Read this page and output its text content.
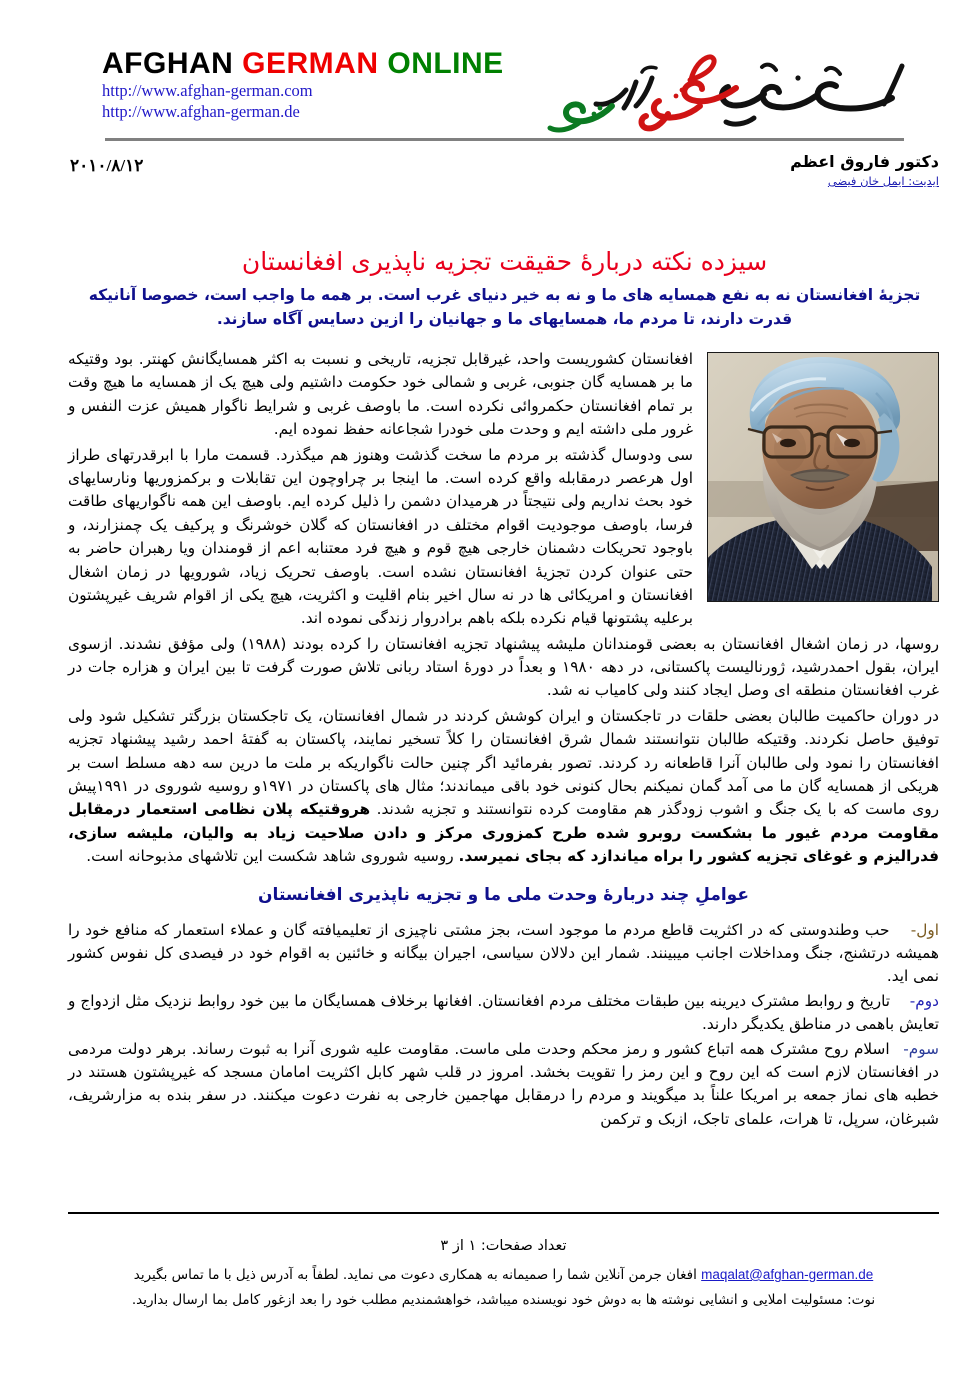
AFGHAN GERMAN ONLINE
http://www.afghan-german.com
http://www.afghan-german.de
۲۰۱۰/۸/۱۲	دکتور فاروق اعظم
ایدیت: ایمل خان فیضی
سیزده نکته دربارهٔ حقیقت تجزیه ناپذیری افغانستان

تجزیۀ افغانستان نه به نفع همسایه های ما و نه به خیر دنیای غرب است. بر همه ما واجب است، خصوصا آنانیکه

قدرت دارند، تا مردم ما، همسایهای ما و جهانیان را ازین دسایس آگاه سازند.

افغانستان کشوریست واحد، غیرقابل تجزیه، تاریخی و نسبت به اکثر همسایگانش کهنتر. بود وقتیکه ما بر همسایه گان جنوبی، غربی و شمالی خود حکومت داشتیم ولی هیچ یک از همسایه ما هیچ وقت بر تمام افغانستان حکمروائی نکرده است. ما باوصف غربی و شرایط ناگوار همیش عزت النفس و غرور ملی داشته ایم و وحدت ملی خودرا شجاعانه حفظ نموده ایم.

سی ودوسال گذشته بر مردم ما سخت گذشت وهنوز هم میگذرد. قسمت مارا با ابرقدرتهای طراز اول هرعصر درمقابله واقع کرده است. ما اینجا بر چراوچون این تقابلات و برکمزوریها ونارسایهای خود بحث نداریم ولی نتیجتاً در هرمیدان دشمن را ذلیل کرده ایم. باوصف این همه ناگواریهای طاقت فرسا، باوصف موجودیت اقوام مختلف در افغانستان که گلان خوشرنگ و پرکیف یک چمنزارند، و باوجود تحریکات دشمنان خارجی هیچ قوم و هیچ فرد معتنابه اعم از قومندان ویا رهبران حاضر به حتی عنوان کردن تجزیۀ افغانستان نشده است. باوصف تحریک زیاد، شورویها در زمان اشغال افغانستان و امریکائی ها در نه سال اخیر بنام اقلیت و اکثریت، هیچ یکی از اقوام شریف غیرپشتون برعلیه پشتونها قیام نکرده بلکه باهم برادروار زندگی نموده اند.

روسها، در زمان اشغال افغانستان به بعضی قومندانان ملیشه پیشنهاد تجزیه افغانستان را کرده بودند (۱۹۸۸) ولی مؤفق نشدند. ازسوی ایران، بقول احمدرشید، ژورنالیست پاکستانی، در دهه ۱۹۸۰ و بعداً در دورۀ استاد ربانی تلاش صورت گرفت تا بین ایران و هزاره جات در غرب افغانستان منطقه ای وصل ایجاد کنند ولی کامیاب نه شد.

در دوران حاکمیت طالبان بعضی حلقات در تاجکستان و ایران کوشش کردند در شمال افغانستان، یک تاجکستان بزرگتر تشکیل شود ولی توفیق حاصل نکردند. وقتیکه طالبان نتوانستند شمال شرق افغانستان را کلاً تسخیر نمایند، پاکستان به گفتۀ احمد رشید پیشنهاد تجزیه افغانستان را نمود ولی طالبان آنرا قاطعانه رد کردند. تصور بفرمائید اگر چنین حالت ناگواریکه بر ملت ما درین سه دهه مسلط است بر هریکی از همسایه گان ما می آمد گمان نمیکنم بحال کنونی خود باقی میماندند؛ مثال های پاکستان در ۱۹۷۱و روسیه شوروی در ۱۹۹۱پیش روی ماست که با یک جنگ و اشوب زودگذر هم مقاومت کرده نتوانستند و تجزیه شدند. هروقتیکه پلان نظامی استعمار درمقابل مقاومت مردم غیور ما بشکست روبرو شده طرح کمزوری مرکز و دادن صلاحیت زیاد به والیان، ملیشه سازی، فدرالیزم و غوغای تجزیه کشور را براه میاندازد که بجای نمیرسد. روسیه شوروی شاهد شکست این تلاشهای مذبوحانه است.

عواملِ چند دربارۀ وحدت ملی ما و تجزیه ناپذیری افغانستان
اول- حب وطندوستی که در اکثریت قاطع مردم ما موجود است، بجز مشتی ناچیزی از تعلیمیافته گان و عملاء استعمار که منافع خود را همیشه درتشنج، جنگ ومداخلات اجانب میبینند. شمار این دلالان سیاسی، اجیران بیگانه و خائنین به اقوام خود در فیصدی کل نفوس کشور نمی اید.
دوم- تاریخ و روابط مشترک دیرینه بین طبقات مختلف مردم افغانستان. افغانها برخلاف همسایگان ما بین خود روابط نزدیک مثل ازدواج و تعایش باهمی در مناطق یکدیگر دارند.
سوم- اسلام روح مشترک همه اتباع کشور و رمز محکم وحدت ملی ماست. مقاومت علیه شوری آنرا به ثبوت رساند. برهر دولت مردمی در افغانستان لازم است که این روح و این رمز را تقویت بخشد. امروز در قلب شهر کابل اکثریت امامان مسجد که غیرپشتون هستند در خطبه های نماز جمعه بر امریکا علناً بد میگویند و مردم را درمقابل مهاجمین خارجی به نفرت دعوت میکنند. در سفر بنده به مزارشریف، شبرغان، سرپل، تا هرات، علمای تاجک، ازبک و ترکمن
تعداد صفحات: ۱ از ۳
maqalat@afghan-german.de افغان جرمن آنلاین شما را صمیمانه به همکاری دعوت می نماید. لطفاً به آدرس ذیل با ما تماس بگیرید
نوت: مسئولیت املایی و انشایی نوشته ها به دوش خود نویسنده میباشد، خواهشمندیم مطلب خود را بعد ازغور کامل بما ارسال بدارید.
